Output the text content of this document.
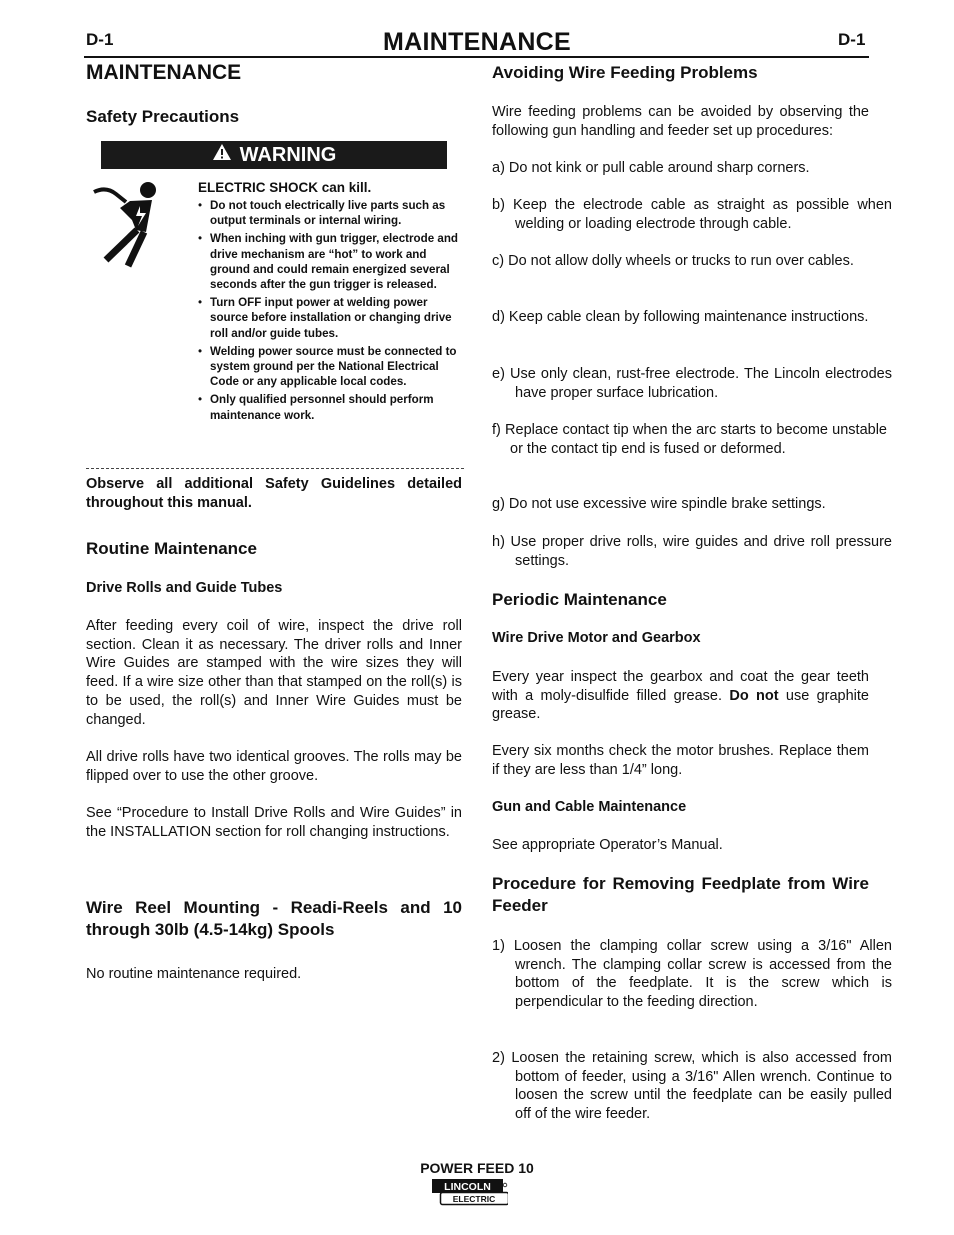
D-1	MAINTENANCE	D-1
MAINTENANCE
Safety Precautions
WARNING
ELECTRIC SHOCK can kill.
• Do not touch electrically live parts such as output terminals or internal wiring.
• When inching with gun trigger, electrode and drive mechanism are “hot” to work and ground and could remain energized several seconds after the gun trigger is released.
• Turn OFF input power at welding power source before installation or changing drive roll and/or guide tubes.
• Welding power source must be connected to system ground per the National Electrical Code or any applicable local codes.
• Only qualified personnel should perform maintenance work.

Observe all additional Safety Guidelines detailed throughout this manual.

Routine Maintenance
Drive Rolls and Guide Tubes

After feeding every coil of wire, inspect the drive roll section. Clean it as necessary. The driver rolls and Inner Wire Guides are stamped with the wire sizes they will feed. If a wire size other than that stamped on the roll(s) is to be used, the roll(s) and Inner Wire Guides must be changed.

All drive rolls have two identical grooves. The rolls may be flipped over to use the other groove.

See “Procedure to Install Drive Rolls and Wire Guides” in the INSTALLATION section for roll changing instructions.

Wire Reel Mounting - Readi-Reels and 10 through 30lb (4.5-14kg) Spools

No routine maintenance required.

Avoiding Wire Feeding Problems

Wire feeding problems can be avoided by observing the following gun handling and feeder set up procedures:

a) Do not kink or pull cable around sharp corners.

b) Keep the electrode cable as straight as possible when welding or loading electrode through cable.

c) Do not allow dolly wheels or trucks to run over cables.

d) Keep cable clean by following maintenance instructions.

e) Use only clean, rust-free electrode. The Lincoln electrodes have proper surface lubrication.

f) Replace contact tip when the arc starts to become unstable or the contact tip end is fused or deformed.

g) Do not use excessive wire spindle brake settings.

h) Use proper drive rolls, wire guides and drive roll pressure settings.

Periodic Maintenance
Wire Drive Motor and Gearbox

Every year inspect the gearbox and coat the gear teeth with a moly-disulfide filled grease. Do not use graphite grease.

Every six months check the motor brushes. Replace them if they are less than 1/4” long.

Gun and Cable Maintenance

See appropriate Operator’s Manual.

Procedure for Removing Feedplate from Wire Feeder

1) Loosen the clamping collar screw using a 3/16" Allen wrench. The clamping collar screw is accessed from the bottom of the feedplate. It is the screw which is perpendicular to the feeding direction.

2) Loosen the retaining screw, which is also accessed from bottom of feeder, using a 3/16" Allen wrench. Continue to loosen the screw until the feedplate can be easily pulled off of the wire feeder.

POWER FEED 10
LINCOLN
ELECTRIC
